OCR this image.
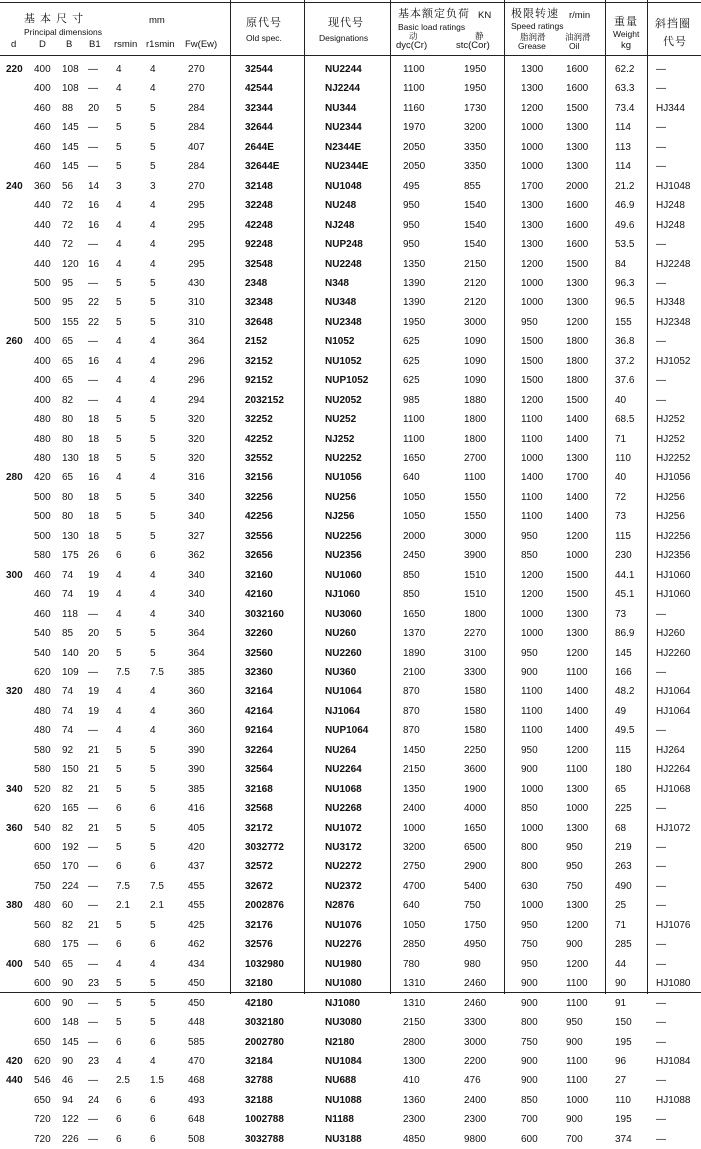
基 本 尺 寸
Principal dimensions
mm
d D B B1 rsmin r1smin Fw(Ew)
原代号
Old spec.
现代号
Designations
基本额定负荷 KN
Basic load ratings
动
dyc(Cr)
静
stc(Cor)
极限转速 r/min
Speed ratings
脂润滑
Grease
油润滑
Oil
重量
Weight
kg
斜挡圈
代号
220 400 108 — 4	4	270	32544	NU2244	1100	1950	1300 1600	62.2 —
400 108 — 4	4	270	42544	NJ2244	1100	1950	1300 1600	63.3 —
460 88 20 5	5	284	32344	NU344	1160	1730	1200 1500	73.4 HJ344
460 145 — 5	5	284	32644	NU2344	1970	3200	1000 1300	114	—
460 145 — 5	5	407	2644E	N2344E	2050	3350	1000 1300	113	—
460 145 — 5	5	284	32644E	NU2344E	2050	3350	1000 1300	114	—
240 360 56 14 3	3	270	32148	NU1048	495	855	1700 2000	21.2 HJ1048
440 72 16 4	4	295	32248	NU248	950	1540	1300 1600	46.9 HJ248
440 72 16 4	4	295	42248	NJ248	950	1540	1300 1600	49.6 HJ248
440 72 — 4	4	295	92248	NUP248	950	1540	1300 1600	53.5 —
440 120 16 4	4	295	32548	NU2248	1350	2150	1200 1500	84	HJ2248
500 95 — 5	5	430	2348	N348	1390	2120	1000 1300	96.3 —
500 95 22 5	5	310	32348	NU348	1390	2120	1000 1300	96.5 HJ348
500 155 22 5	5	310	32648	NU2348	1950	3000	950	1200	155 HJ2348
260 400 65 — 4	4	364	2152	N1052	625	1090	1500 1800	36.8 —
400 65 16 4	4	296	32152	NU1052	625	1090	1500 1800	37.2 HJ1052
400 65 — 4	4	296	92152	NUP1052	625	1090	1500 1800	37.6 —
400 82 — 4	4	294	2032152	NU2052	985	1880	1200 1500	40	—
480 80 18 5	5	320	32252	NU252	1100	1800	1100 1400	68.5 HJ252
480 80 18 5	5	320	42252	NJ252	1100	1800	1100 1400	71	HJ252
480 130 18 5	5	320	32552	NU2252	1650	2700	1000 1300	110	HJ2252
280 420 65 16 4	4	316	32156	NU1056	640	1100	1400 1700	40	HJ1056
500 80 18 5	5	340	32256	NU256	1050	1550	1100 1400	72	HJ256
500 80 18 5	5	340	42256	NJ256	1050	1550	1100 1400	73	HJ256
500 130 18 5	5	327	32556	NU2256	2000	3000	950	1200	115	HJ2256
580 175 26 6	6	362	32656	NU2356	2450	3900	850	1000	230 HJ2356
300 460 74 19 4	4	340	32160	NU1060	850	1510	1200 1500	44.1 HJ1060
460 74 19 4	4	340	42160	NJ1060	850	1510	1200 1500	45.1 HJ1060
460 118 — 4	4	340	3032160	NU3060	1650	1800	1000 1300	73	—
540 85 20 5	5	364	32260	NU260	1370	2270	1000 1300	86.9 HJ260
540 140 20 5	5	364	32560	NU2260	1890	3100	950	1200	145 HJ2260
620 109 — 7.5 7.5 385	32360	NU360	2100	3300	900	1100	166 —
320 480 74 19 4	4	360	32164	NU1064	870	1580	1100 1400	48.2 HJ1064
480 74 19 4	4	360	42164	NJ1064	870	1580	1100 1400	49	HJ1064
480 74 — 4	4	360	92164	NUP1064	870	1580	1100 1400	49.5 —
580 92 21 5	5	390	32264	NU264	1450	2250	950	1200	115	HJ264
580 150 21 5	5	390	32564	NU2264	2150	3600	900	1100	180 HJ2264
340 520 82 21 5	5	385	32168	NU1068	1350	1900	1000 1300	65	HJ1068
620 165 — 6	6	416	32568	NU2268	2400	4000	850	1000	225 —
360 540 82 21 5	5	405	32172	NU1072	1000	1650	1000 1300	68	HJ1072
600 192 — 5	5	420	3032772	NU3172	3200	6500	800	950	219 —
650 170 — 6	6	437	32572	NU2272	2750	2900	800	950	263 —
750 224 — 7.5 7.5 455	32672	NU2372	4700	5400	630	750	490 —
380 480 60 — 2.1 2.1 455	2002876	N2876	640	750	1000 1300	25	—
560 82 21 5	5	425	32176	NU1076	1050	1750	950	1200	71	HJ1076
680 175 — 6	6	462	32576	NU2276	2850	4950	750	900	285 —
400 540 65 — 4	4	434	1032980	NU1980	780	980	950	1200	44	—
600 90 23 5	5	450	32180	NU1080	1310	2460	900	1100	90	HJ1080
600 90 — 5	5	450	42180	NJ1080	1310	2460	900	1100	91	—
600 148 — 5	5	448	3032180	NU3080	2150	3300	800	950	150 —
650 145 — 6	6	585	2002780	N2180	2800	3000	750	900	195 —
420 620 90 23 4	4	470	32184	NU1084	1300	2200	900	1100	96	HJ1084
440 546 46 — 2.5 1.5 468	32788	NU688	410	476	900	1100	27	—
650 94 24 6	6	493	32188	NU1088	1360	2400	850	1000	110	HJ1088
720 122 — 6	6	648	1002788	N1188	2300	2300	700	900	195 —
720 226 — 6	6	508	3032788	NU3188	4850	9800	600	700	374 —
